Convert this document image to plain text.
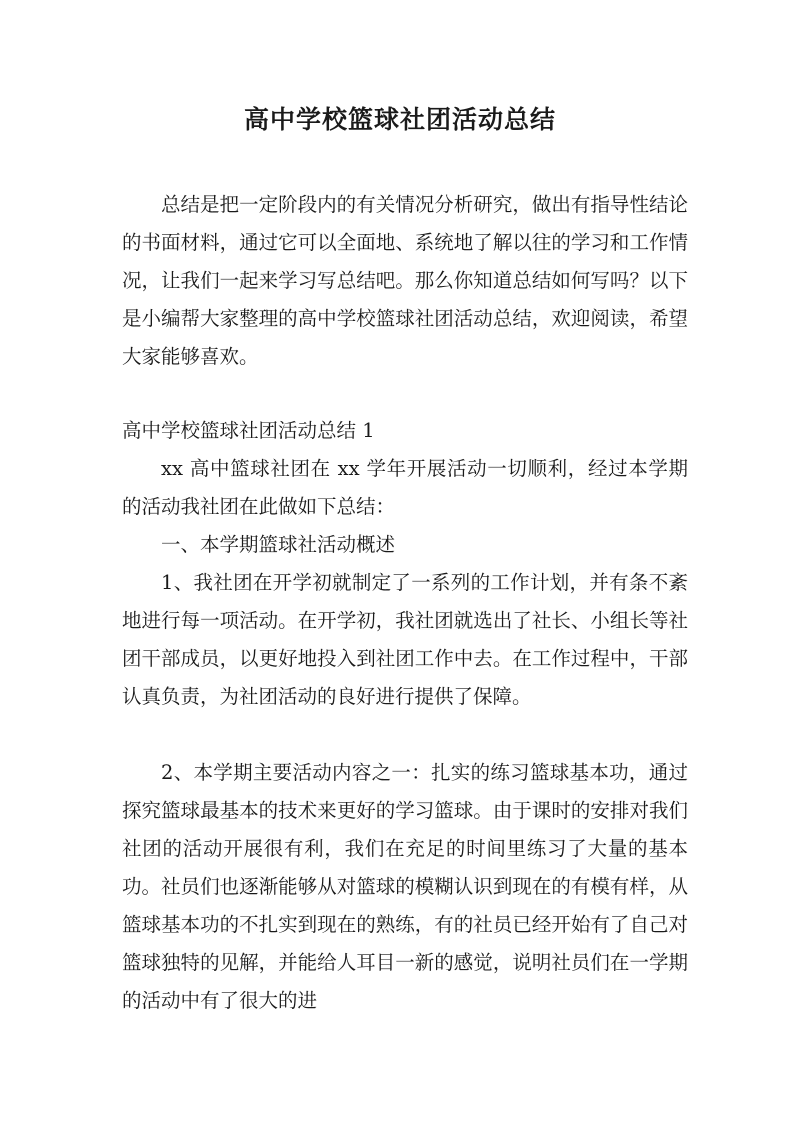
高中学校篮球社团活动总结

总结是把一定阶段内的有关情况分析研究，做出有指导性结论的书面材料，通过它可以全面地、系统地了解以往的学习和工作情况，让我们一起来学习写总结吧。那么你知道总结如何写吗？以下是小编帮大家整理的高中学校篮球社团活动总结，欢迎阅读，希望大家能够喜欢。

高中学校篮球社团活动总结 1

xx 高中篮球社团在 xx 学年开展活动一切顺利，经过本学期的活动我社团在此做如下总结：

一、本学期篮球社活动概述

1、我社团在开学初就制定了一系列的工作计划，并有条不紊地进行每一项活动。在开学初，我社团就选出了社长、小组长等社团干部成员，以更好地投入到社团工作中去。在工作过程中，干部认真负责，为社团活动的良好进行提供了保障。

2、本学期主要活动内容之一：扎实的练习篮球基本功，通过探究篮球最基本的技术来更好的学习篮球。由于课时的安排对我们社团的活动开展很有利，我们在充足的时间里练习了大量的基本功。社员们也逐渐能够从对篮球的模糊认识到现在的有模有样，从篮球基本功的不扎实到现在的熟练，有的社员已经开始有了自己对篮球独特的见解，并能给人耳目一新的感觉，说明社员们在一学期的活动中有了很大的进
